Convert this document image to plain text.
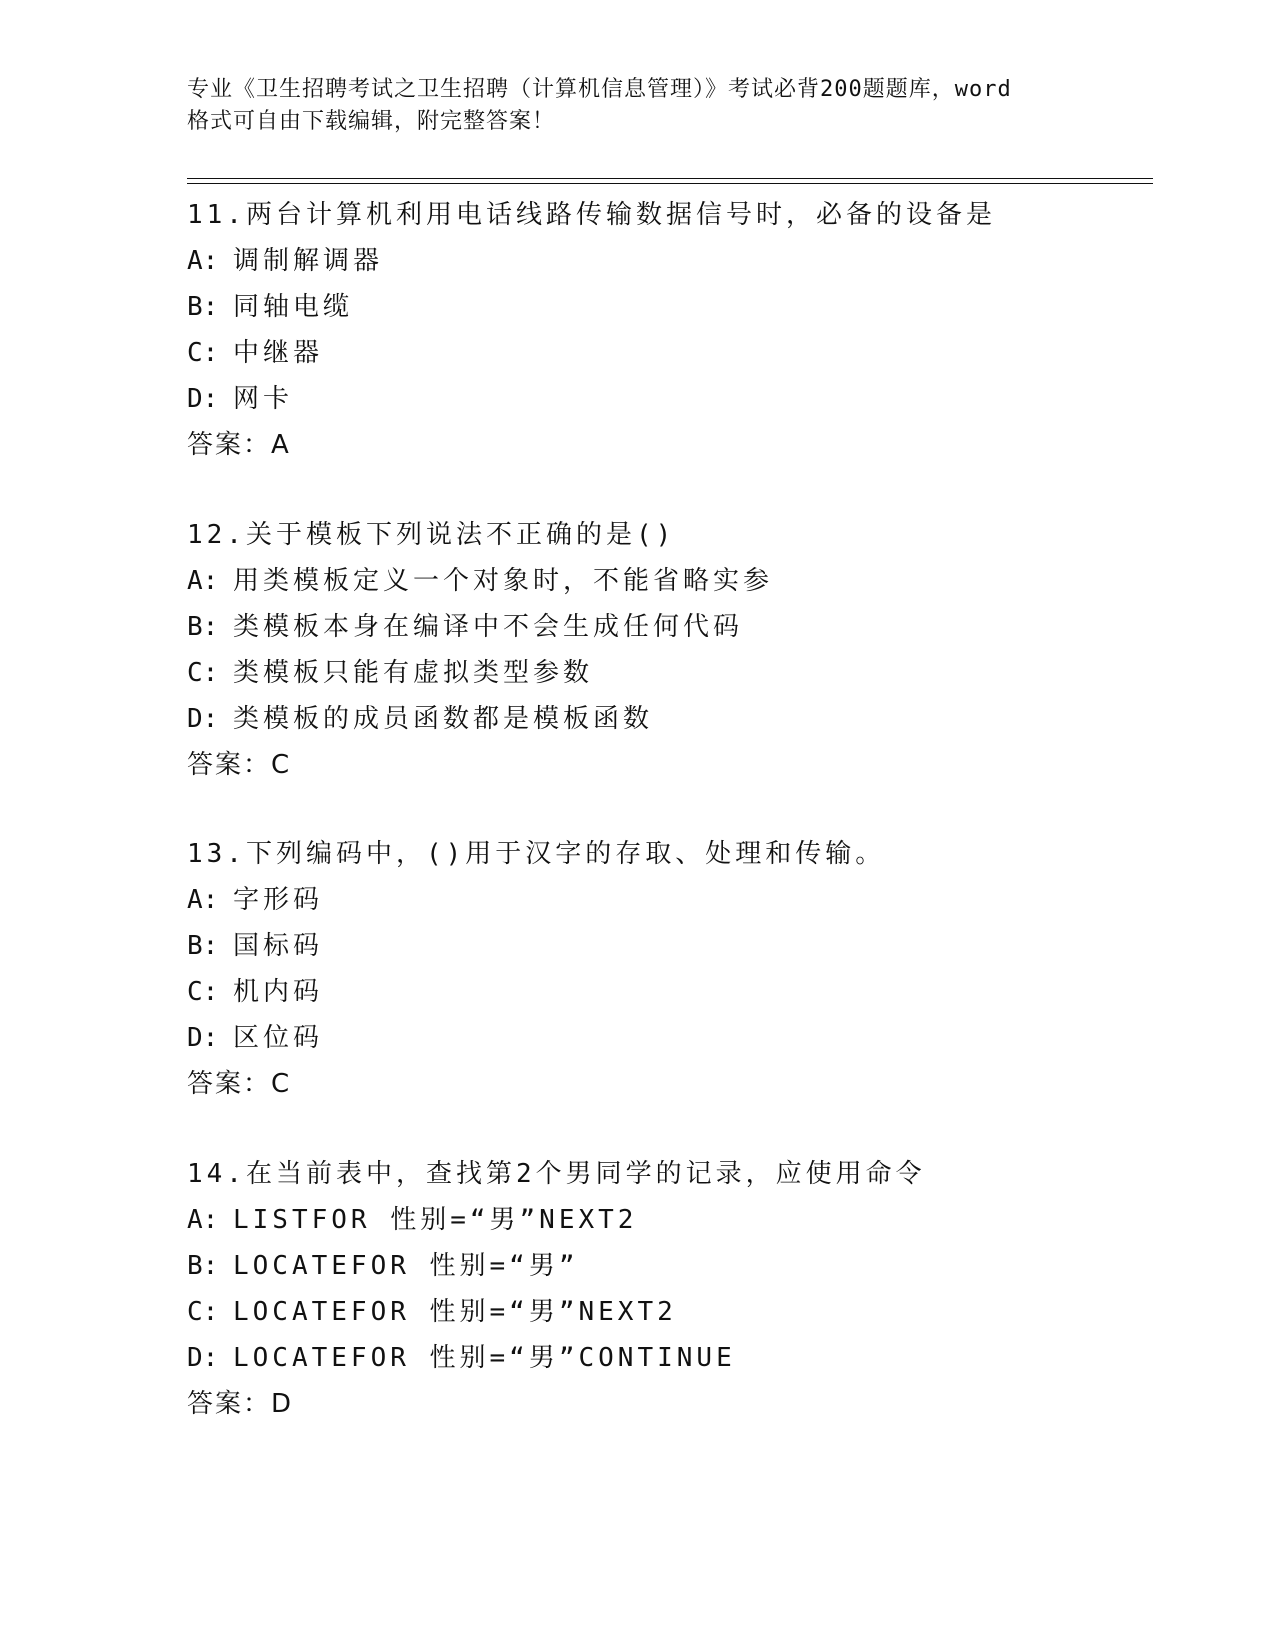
专业《卫生招聘考试之卫生招聘（计算机信息管理）》考试必背200题题库，word
格式可自由下载编辑，附完整答案！
11.两台计算机利用电话线路传输数据信号时，必备的设备是
A: 调制解调器
B: 同轴电缆
C: 中继器
D: 网卡
答案：A
12.关于模板下列说法不正确的是()
A: 用类模板定义一个对象时，不能省略实参
B: 类模板本身在编译中不会生成任何代码
C: 类模板只能有虚拟类型参数
D: 类模板的成员函数都是模板函数
答案：C
13.下列编码中，()用于汉字的存取、处理和传输。
A: 字形码
B: 国标码
C: 机内码
D: 区位码
答案：C
14.在当前表中，查找第2个男同学的记录，应使用命令
A: LISTFOR 性别=“男”NEXT2
B: LOCATEFOR 性别=“男”
C: LOCATEFOR 性别=“男”NEXT2
D: LOCATEFOR 性别=“男”CONTINUE
答案：D
